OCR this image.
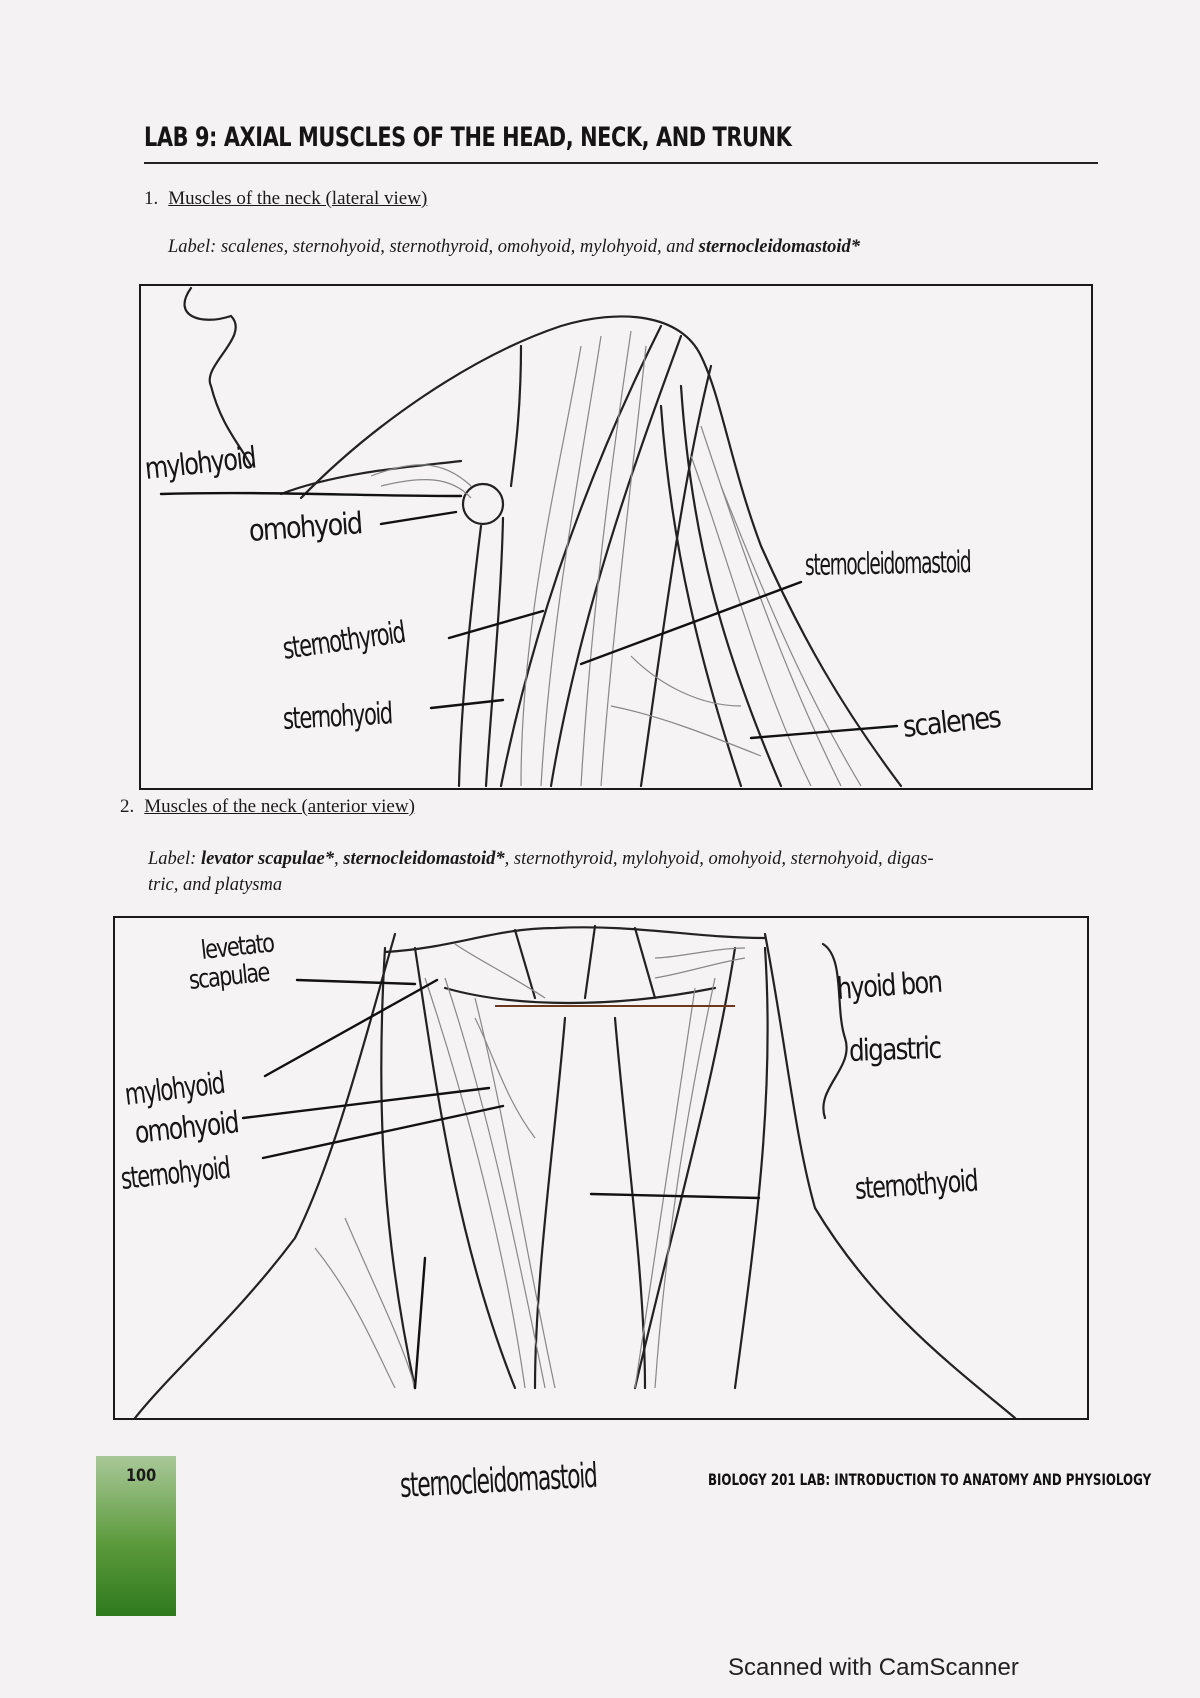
LAB 9: AXIAL MUSCLES OF THE HEAD, NECK, AND TRUNK
1. Muscles of the neck (lateral view)
Label: scalenes, sternohyoid, sternothyroid, omohyoid, mylohyoid, and sternocleidomastoid*
mylohyoid
omohyoid
sternothyroid
sternohyoid
sternocleidomastoid
scalenes
2. Muscles of the neck (anterior view)
Label: levator scapulae*, sternocleidomastoid*, sternothyroid, mylohyoid, omohyoid, sternohyoid, digas-
tric, and platysma
levetato
scapulae
mylohyoid
omohyoid
sternohyoid
hyoid bon
digastric
sternothyoid
sternocleidomastoid
100	BIOLOGY 201 LAB: INTRODUCTION TO ANATOMY AND PHYSIOLOGY
Scanned with CamScanner
